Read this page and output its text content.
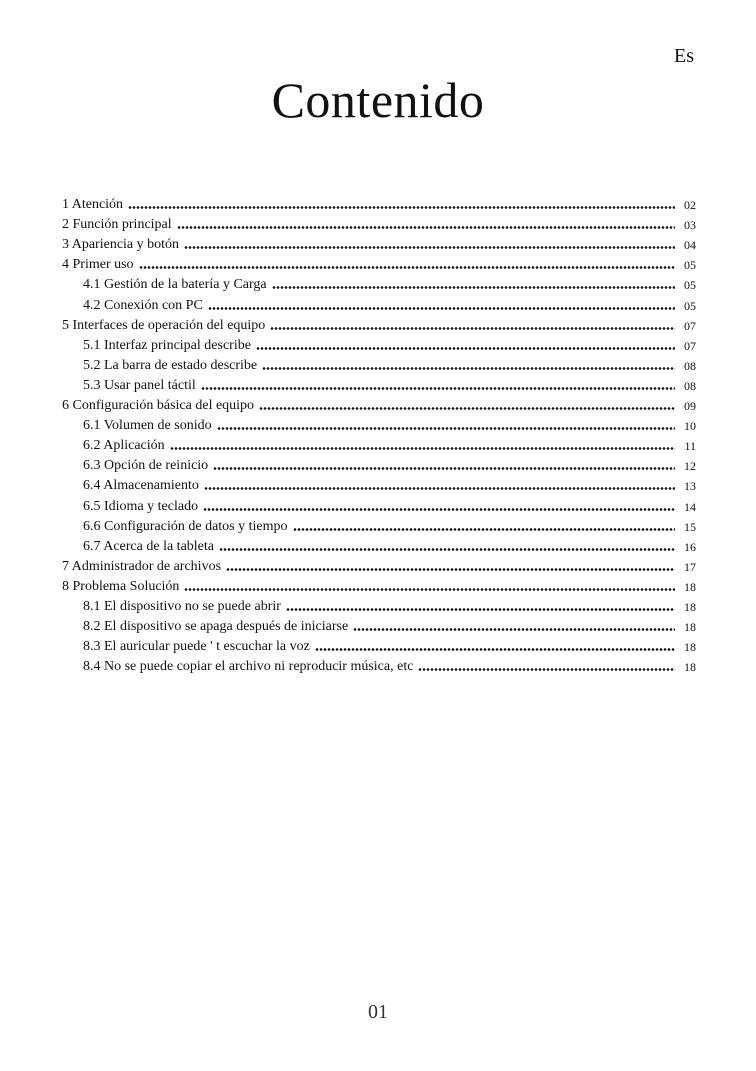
Es
Contenido
1 Atención	02
2 Función principal	03
3 Apariencia y botón	04
4 Primer uso	05
4.1 Gestión de la batería y Carga	05
4.2 Conexión con PC	05
5 Interfaces de operación del equipo	07
5.1 Interfaz principal describe	07
5.2 La barra de estado describe	08
5.3 Usar panel táctil	08
6 Configuración básica del equipo	09
6.1 Volumen de sonido	10
6.2 Aplicación	11
6.3 Opción de reinicio	12
6.4 Almacenamiento	13
6.5 Idioma y teclado	14
6.6 Configuración de datos y tiempo	15
6.7 Acerca de la tableta	16
7 Administrador de archivos	17
8 Problema Solución	18
8.1 El dispositivo no se puede abrir	18
8.2 El dispositivo se apaga después de iniciarse	18
8.3 El auricular puede ' t escuchar la voz	18
8.4 No se puede copiar el archivo ni reproducir música, etc	18
01
